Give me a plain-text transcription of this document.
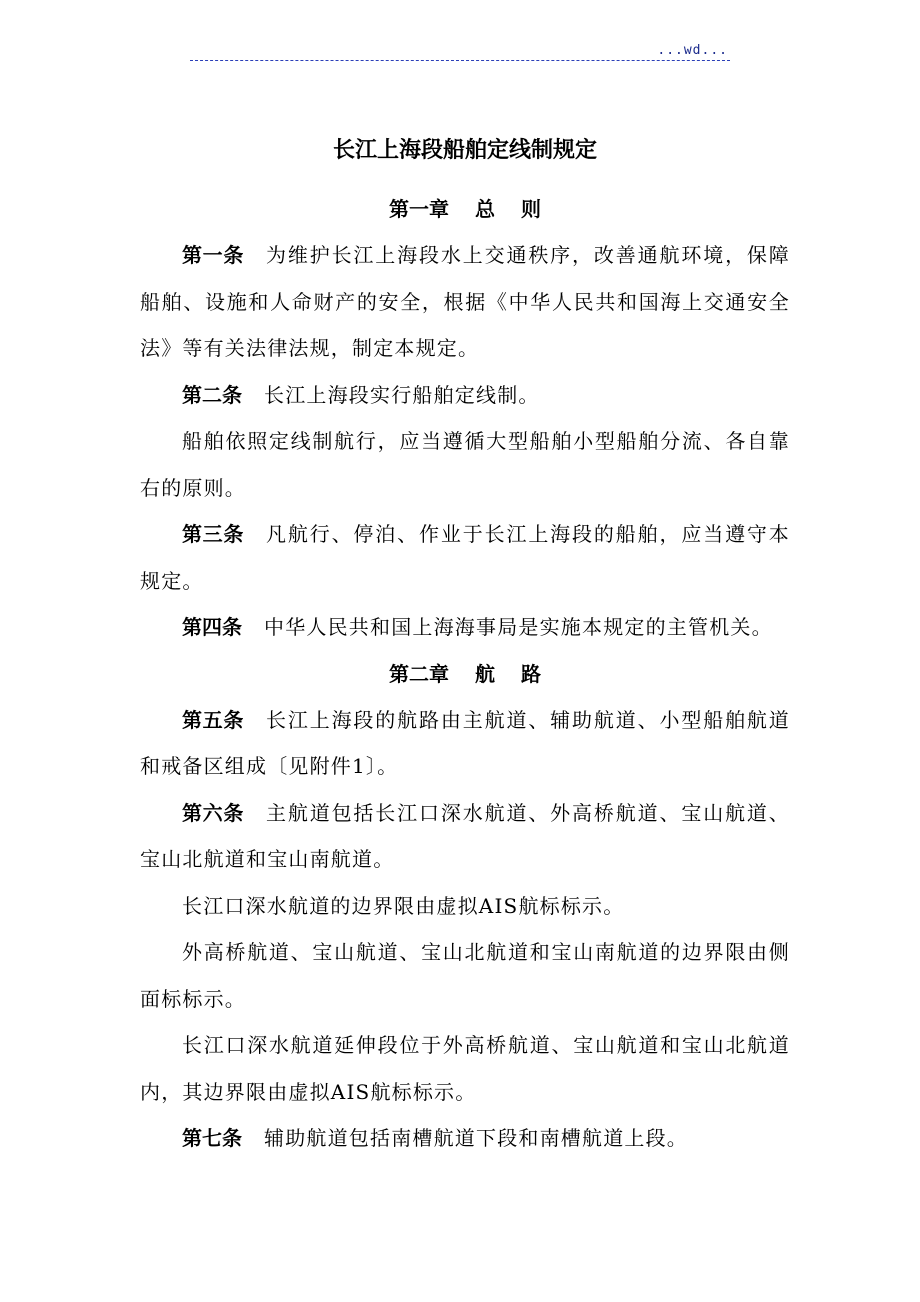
...wd...
长江上海段船舶定线制规定
第一章 总 则

第一条 为维护长江上海段水上交通秩序，改善通航环境，保障船舶、设施和人命财产的安全，根据《中华人民共和国海上交通安全法》等有关法律法规，制定本规定。

第二条 长江上海段实行船舶定线制。

船舶依照定线制航行，应当遵循大型船舶小型船舶分流、各自靠右的原则。

第三条 凡航行、停泊、作业于长江上海段的船舶，应当遵守本规定。

第四条 中华人民共和国上海海事局是实施本规定的主管机关。

第二章 航 路

第五条 长江上海段的航路由主航道、辅助航道、小型船舶航道和戒备区组成〔见附件1〕。

第六条 主航道包括长江口深水航道、外高桥航道、宝山航道、宝山北航道和宝山南航道。

长江口深水航道的边界限由虚拟AIS航标标示。

外高桥航道、宝山航道、宝山北航道和宝山南航道的边界限由侧面标标示。

长江口深水航道延伸段位于外高桥航道、宝山航道和宝山北航道内，其边界限由虚拟AIS航标标示。

第七条 辅助航道包括南槽航道下段和南槽航道上段。
